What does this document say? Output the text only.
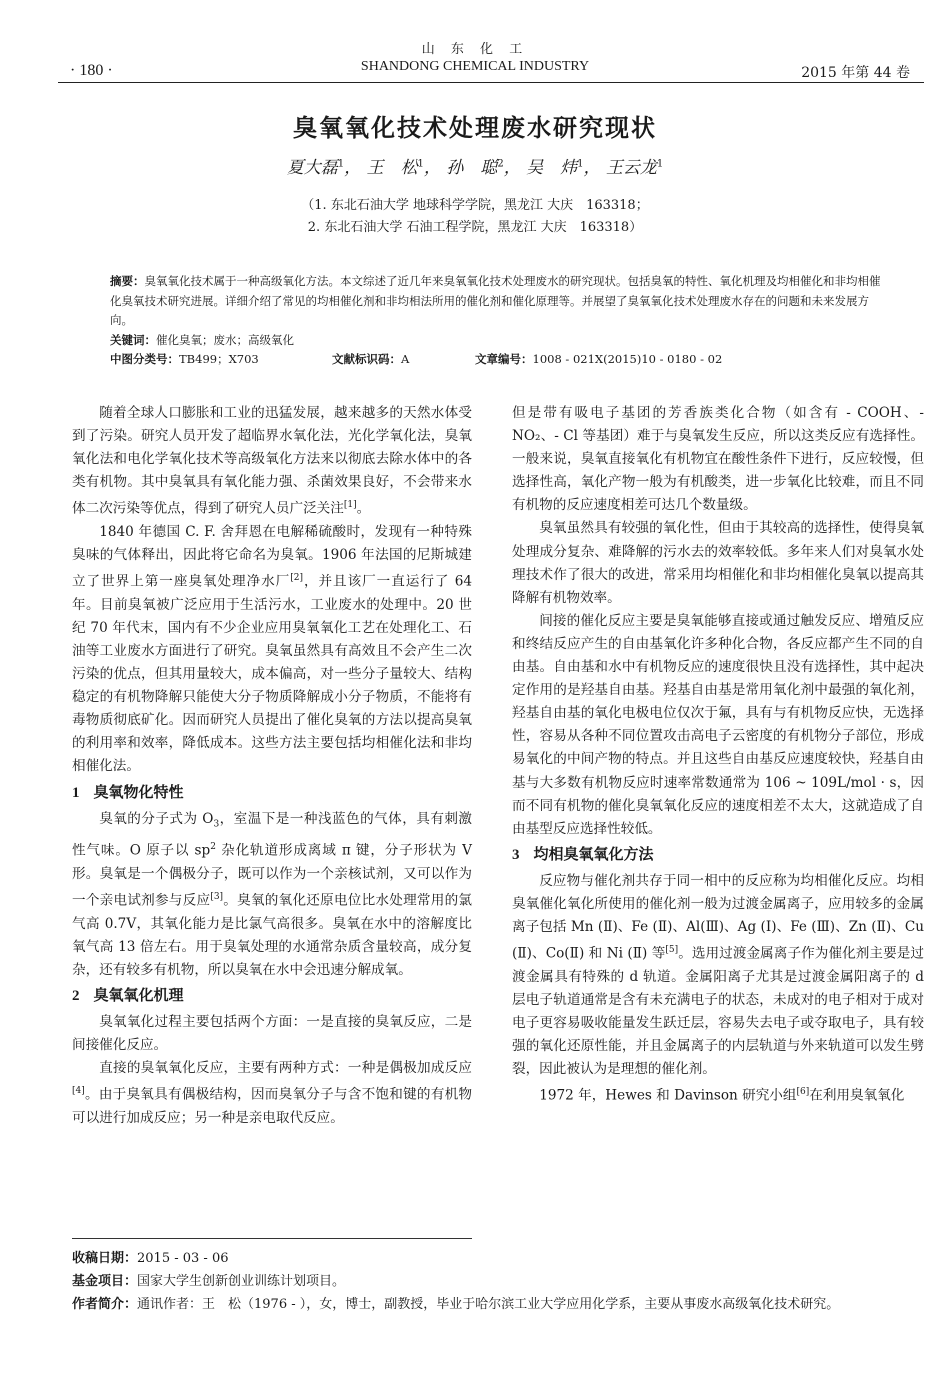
· 180 ·
山 东 化 工
SHANDONG CHEMICAL INDUSTRY	2015 年第 44 卷
臭氧氧化技术处理废水研究现状
夏大磊$^1$， 王　松$^1$， 孙　聪$^2$， 吴　炜$^1$， 王云龙$^1$
（1. 东北石油大学 地球科学学院，黑龙江 大庆　163318；
2. 东北石油大学 石油工程学院，黑龙江 大庆　163318）
摘要：臭氧氧化技术属于一种高级氧化方法。本文综述了近几年来臭氧氧化技术处理废水的研究现状。包括臭氧的特性、氧化机理及均相催化和非均相催化臭氧技术研究进展。详细介绍了常见的均相催化剂和非均相法所用的催化剂和催化原理等。并展望了臭氧氧化技术处理废水存在的问题和未来发展方向。
关键词：催化臭氧；废水；高级氧化
中图分类号：TB499；X703	文献标识码：A	文章编号：1008 - 021X(2015)10 - 0180 - 02

随着全球人口膨胀和工业的迅猛发展，越来越多的天然水体受到了污染。研究人员开发了超临界水氧化法，光化学氧化法，臭氧氧化法和电化学氧化技术等高级氧化方法来以彻底去除水体中的各类有机物。其中臭氧具有氧化能力强、杀菌效果良好，不会带来水体二次污染等优点，得到了研究人员广泛关注[1]。

1840 年德国 C. F. 舍拜恩在电解稀硫酸时，发现有一种特殊臭味的气体释出，因此将它命名为臭氧。1906 年法国的尼斯城建立了世界上第一座臭氧处理净水厂[2]，并且该厂一直运行了 64 年。目前臭氧被广泛应用于生活污水，工业废水的处理中。20 世纪 70 年代末，国内有不少企业应用臭氧氧化工艺在处理化工、石油等工业废水方面进行了研究。臭氧虽然具有高效且不会产生二次污染的优点，但其用量较大，成本偏高，对一些分子量较大、结构稳定的有机物降解只能使大分子物质降解成小分子物质，不能将有毒物质彻底矿化。因而研究人员提出了催化臭氧的方法以提高臭氧的利用率和效率，降低成本。这些方法主要包括均相催化法和非均相催化法。

1 臭氧物化特性

臭氧的分子式为 $O_3$，室温下是一种浅蓝色的气体，具有刺激性气味。O 原子以 $sp^2$ 杂化轨道形成离域 π 键，分子形状为 V 形。臭氧是一个偶极分子，既可以作为一个亲核试剂，又可以作为一个亲电试剂参与反应[3]。臭氧的氧化还原电位比水处理常用的氯气高 0.7V，其氧化能力是比氯气高很多。臭氧在水中的溶解度比氧气高 13 倍左右。用于臭氧处理的水通常杂质含量较高，成分复杂，还有较多有机物，所以臭氧在水中会迅速分解成氧。

2 臭氧氧化机理

臭氧氧化过程主要包括两个方面：一是直接的臭氧反应，二是间接催化反应。

直接的臭氧氧化反应，主要有两种方式：一种是偶极加成反应[4]。由于臭氧具有偶极结构，因而臭氧分子与含不饱和键的有机物可以进行加成反应；另一种是亲电取代反应。

但是带有吸电子基团的芳香族类化合物（如含有 - COOH、- NO₂、- Cl 等基团）难于与臭氧发生反应，所以这类反应有选择性。一般来说，臭氧直接氧化有机物宜在酸性条件下进行，反应较慢，但选择性高，氧化产物一般为有机酸类，进一步氧化比较难，而且不同有机物的反应速度相差可达几个数量级。

臭氧虽然具有较强的氧化性，但由于其较高的选择性，使得臭氧处理成分复杂、难降解的污水去的效率较低。多年来人们对臭氧水处理技术作了很大的改进，常采用均相催化和非均相催化臭氧以提高其降解有机物效率。

间接的催化反应主要是臭氧能够直接或通过触发反应、增殖反应和终结反应产生的自由基氧化许多种化合物，各反应都产生不同的自由基。自由基和水中有机物反应的速度很快且没有选择性，其中起决定作用的是羟基自由基。羟基自由基是常用氧化剂中最强的氧化剂，羟基自由基的氧化电极电位仅次于氟，具有与有机物反应快，无选择性，容易从各种不同位置攻击高电子云密度的有机物分子部位，形成易氧化的中间产物的特点。并且这些自由基反应速度较快，羟基自由基与大多数有机物反应时速率常数通常为 106 ~ 109L/mol · s，因而不同有机物的催化臭氧氧化反应的速度相差不太大，这就造成了自由基型反应选择性较低。

3 均相臭氧氧化方法

反应物与催化剂共存于同一相中的反应称为均相催化反应。均相臭氧催化氧化所使用的催化剂一般为过渡金属离子，应用较多的金属离子包括 Mn (Ⅱ)、Fe (Ⅱ)、Al(Ⅲ)、Ag (Ⅰ)、Fe (Ⅲ)、Zn (Ⅱ)、Cu (Ⅱ)、Co(Ⅱ) 和 Ni (Ⅱ) 等[5]。选用过渡金属离子作为催化剂主要是过渡金属具有特殊的 d 轨道。金属阳离子尤其是过渡金属阳离子的 d 层电子轨道通常是含有未充满电子的状态，未成对的电子相对于成对电子更容易吸收能量发生跃迁层，容易失去电子或夺取电子，具有较强的氧化还原性能，并且金属离子的内层轨道与外来轨道可以发生劈裂，因此被认为是理想的催化剂。

1972 年，Hewes 和 Davinson 研究小组[6]在利用臭氧氧化

收稿日期：2015 - 03 - 06
基金项目：国家大学生创新创业训练计划项目。
作者简介：通讯作者：王　松（1976 - ），女，博士，副教授，毕业于哈尔滨工业大学应用化学系，主要从事废水高级氧化技术研究。
